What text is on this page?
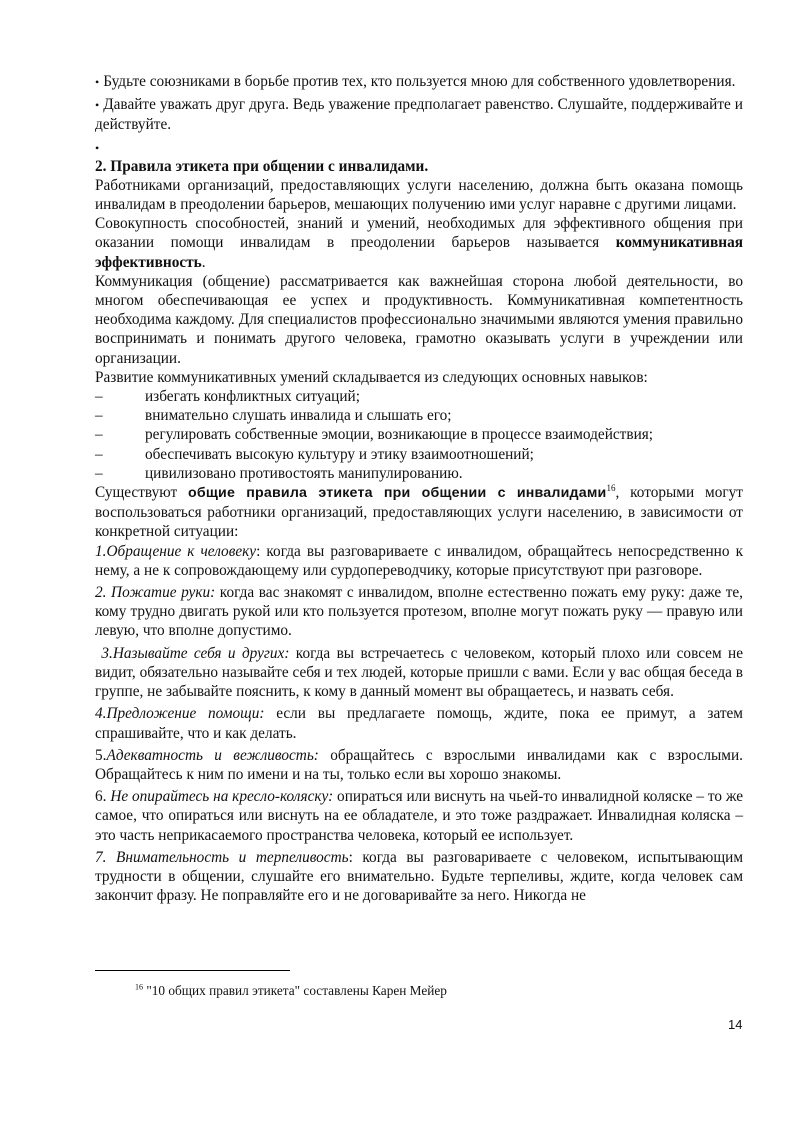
• Будьте союзниками в борьбе против тех, кто пользуется мною для собственного удовлетворения.

• Давайте уважать друг друга. Ведь уважение предполагает равенство. Слушайте, поддерживайте и действуйте.

•

2. Правила этикета при общении с инвалидами.

Работниками организаций, предоставляющих услуги населению, должна быть оказана помощь инвалидам в преодолении барьеров, мешающих получению ими услуг наравне с другими лицами.

Совокупность способностей, знаний и умений, необходимых для эффективного общения при оказании помощи инвалидам в преодолении барьеров называется коммуникативная эффективность.

Коммуникация (общение) рассматривается как важнейшая сторона любой деятельности, во многом обеспечивающая ее успех и продуктивность. Коммуникативная компетентность необходима каждому. Для специалистов профессионально значимыми являются умения правильно воспринимать и понимать другого человека, грамотно оказывать услуги в учреждении или организации.

Развитие коммуникативных умений складывается из следующих основных навыков:

–	избегать конфликтных ситуаций;
–	внимательно слушать инвалида и слышать его;
–	регулировать собственные эмоции, возникающие в процессе взаимодействия;
–	обеспечивать высокую культуру и этику взаимоотношений;
–	цивилизовано противостоять манипулированию.

Существуют общие правила этикета при общении с инвалидами$^{16}$, которыми могут воспользоваться работники организаций, предоставляющих услуги населению, в зависимости от конкретной ситуации:

1.Обращение к человеку: когда вы разговариваете с инвалидом, обращайтесь непосредственно к нему, а не к сопровождающему или сурдопереводчику, которые присутствуют при разговоре.

2. Пожатие руки: когда вас знакомят с инвалидом, вполне естественно пожать ему руку: даже те, кому трудно двигать рукой или кто пользуется протезом, вполне могут пожать руку — правую или левую, что вполне допустимо.

3.Называйте себя и других: когда вы встречаетесь с человеком, который плохо или совсем не видит, обязательно называйте себя и тех людей, которые пришли с вами. Если у вас общая беседа в группе, не забывайте пояснить, к кому в данный момент вы обращаетесь, и назвать себя.

4.Предложение помощи: если вы предлагаете помощь, ждите, пока ее примут, а затем спрашивайте, что и как делать.

5.Адекватность и вежливость: обращайтесь с взрослыми инвалидами как с взрослыми. Обращайтесь к ним по имени и на ты, только если вы хорошо знакомы.

6. Не опирайтесь на кресло-коляску: опираться или виснуть на чьей-то инвалидной коляске – то же самое, что опираться или виснуть на ее обладателе, и это тоже раздражает. Инвалидная коляска – это часть неприкасаемого пространства человека, который ее использует.

7. Внимательность и терпеливость: когда вы разговариваете с человеком, испытывающим трудности в общении, слушайте его внимательно. Будьте терпеливы, ждите, когда человек сам закончит фразу. Не поправляйте его и не договаривайте за него. Никогда не

$^{16}$ "10 общих правил этикета" составлены Карен Мейер
14
